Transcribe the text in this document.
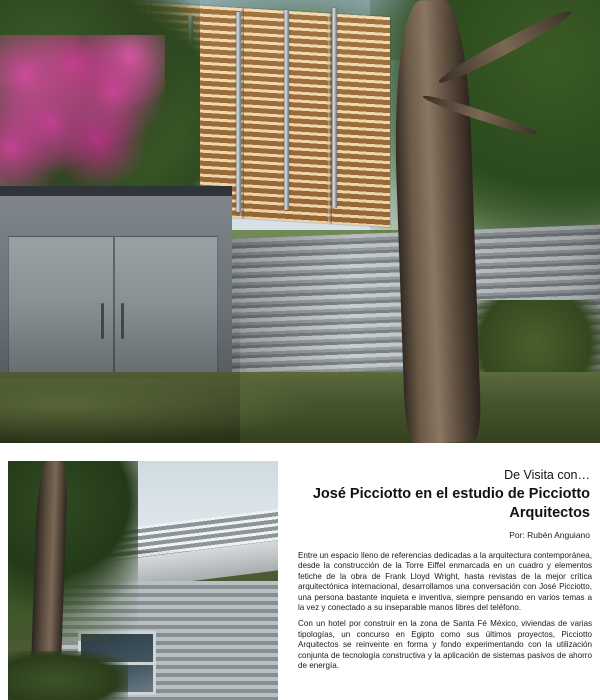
De Visita con…
José Picciotto en el estudio de Picciotto Arquitectos
Por: Rubén Anguiano

Entre un espacio lleno de referencias dedicadas a la arquitectura contemporánea, desde la construcción de la Torre Eiffel enmarcada en un cuadro y elementos fetiche de la obra de Frank Lloyd Wright, hasta revistas de la mejor crítica arquitectónica internacional, desarrollamos una conversación con José Picciotto, una persona bastante inquieta e inventiva, siempre pensando en varios temas a la vez y conectado a su inseparable manos libres del teléfono.

Con un hotel por construir en la zona de Santa Fé México, viviendas de varias tipologías, un concurso en Egipto como sus últimos proyectos, Picciotto Arquitectos se reinvente en forma y fondo experimentando con la utilización conjunta de tecnología constructiva y la aplicación de sistemas pasivos de ahorro de energía.
